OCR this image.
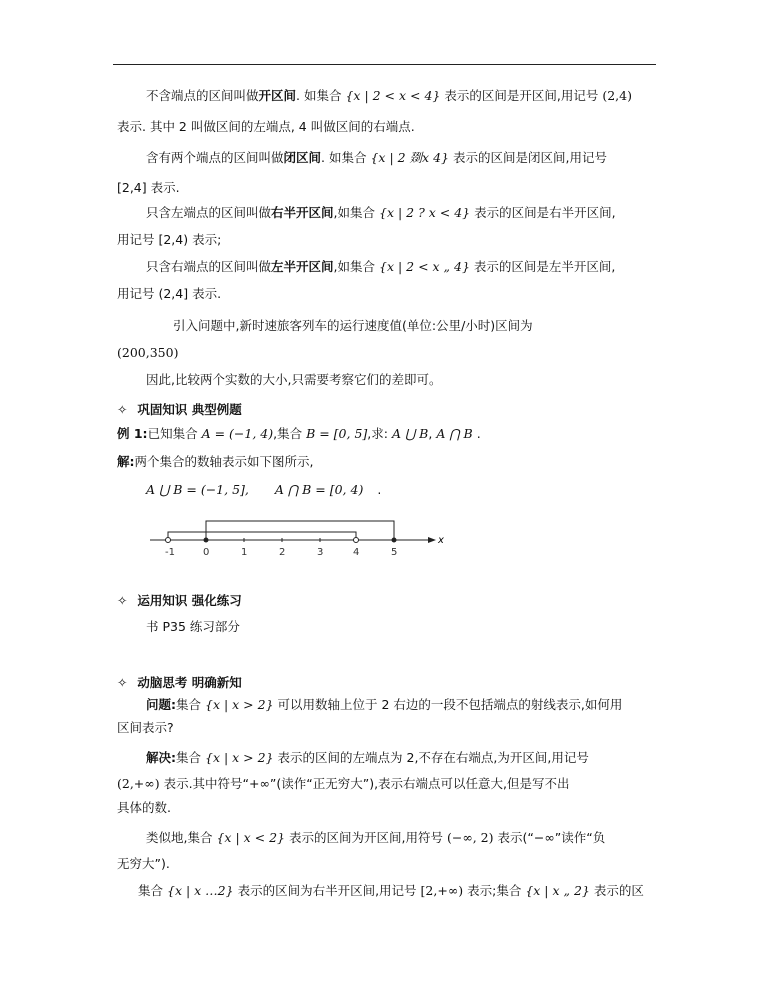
不含端点的区间叫做开区间. 如集合 {x | 2 < x < 4} 表示的区间是开区间,用记号 (2,4)
表示. 其中 2 叫做区间的左端点, 4 叫做区间的右端点.
含有两个端点的区间叫做闭区间. 如集合 {x | 2 剟x 4} 表示的区间是闭区间,用记号
[2,4] 表示.
只含左端点的区间叫做右半开区间,如集合 {x | 2 ? x < 4} 表示的区间是右半开区间,
用记号 [2,4) 表示;
只含右端点的区间叫做左半开区间,如集合 {x | 2 < x „ 4} 表示的区间是左半开区间,
用记号 (2,4] 表示.
引入问题中,新时速旅客列车的运行速度值(单位:公里/小时)区间为
(200,350)
因此,比较两个实数的大小,只需要考察它们的差即可。
✧ 巩固知识 典型例题
例 1:已知集合 A = (−1, 4),集合 B = [0, 5],求: A ⋃ B, A ⋂ B .
解:两个集合的数轴表示如下图所示,
A ⋃ B = (−1, 5], A ⋂ B = [0, 4) .
x
-1	0	1	2	3	4	5
✧ 运用知识 强化练习
书 P35 练习部分
✧ 动脑思考 明确新知
问题:集合 {x | x > 2} 可以用数轴上位于 2 右边的一段不包括端点的射线表示,如何用
区间表示?
解决:集合 {x | x > 2} 表示的区间的左端点为 2,不存在右端点,为开区间,用记号
(2,+∞) 表示.其中符号“+∞”(读作“正无穷大”),表示右端点可以任意大,但是写不出
具体的数.
类似地,集合 {x | x < 2} 表示的区间为开区间,用符号 (−∞, 2) 表示(“−∞”读作“负
无穷大”).
集合 {x | x …2} 表示的区间为右半开区间,用记号 [2,+∞) 表示;集合 {x | x „ 2} 表示的区
